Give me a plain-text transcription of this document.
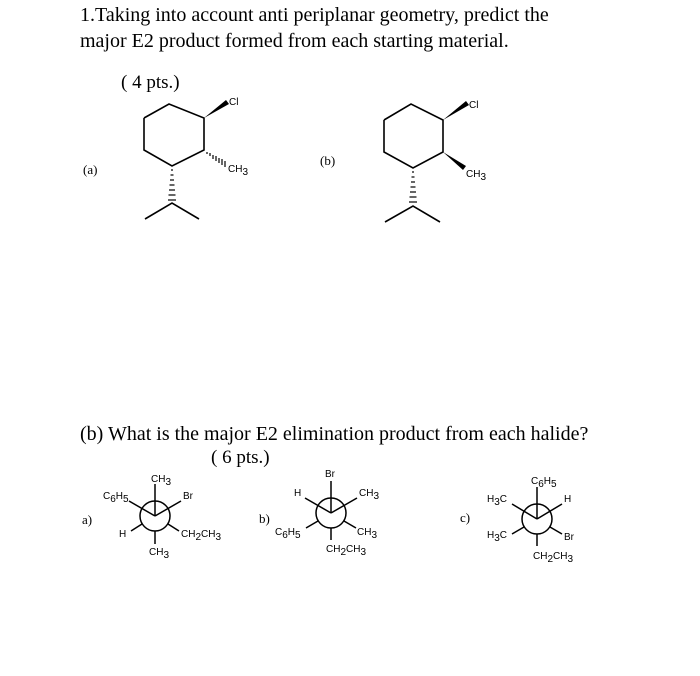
1.Taking into account anti periplanar geometry, predict the
major E2 product formed from each starting material.
( 4 pts.)
(a)
(b)
(b) What is the major E2 elimination product from each halide?
( 6 pts.)
a)	b)	c)
Cl
CH3
Cl
CH3
CH3
C6H5	Br
H	CH2CH3
CH3
Br
H	CH3
C6H5	CH3
CH2CH3
C6H5
H3C	H
H3C	Br
CH2CH3
